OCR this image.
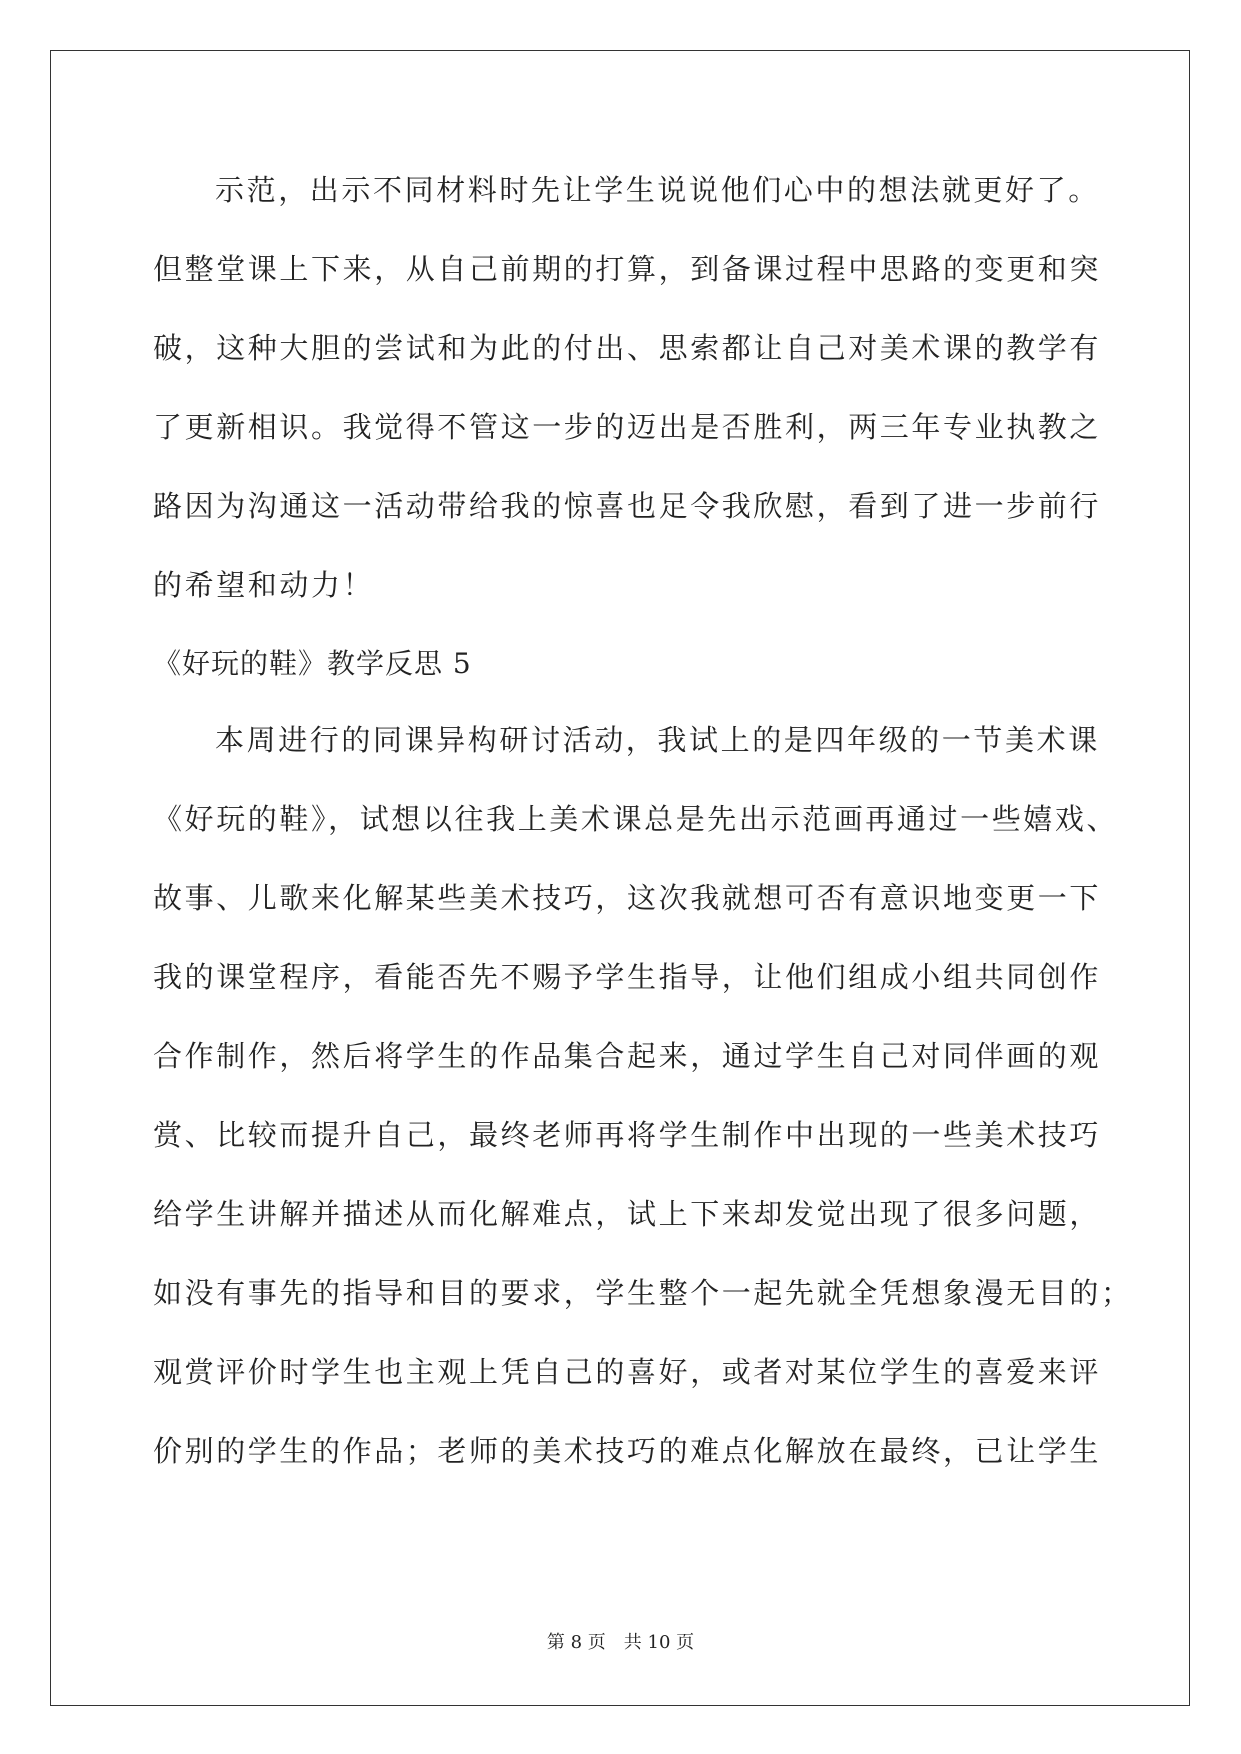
示范，出示不同材料时先让学生说说他们心中的想法就更好了。
但整堂课上下来，从自己前期的打算，到备课过程中思路的变更和突
破，这种大胆的尝试和为此的付出、思索都让自己对美术课的教学有
了更新相识。我觉得不管这一步的迈出是否胜利，两三年专业执教之
路因为沟通这一活动带给我的惊喜也足令我欣慰，看到了进一步前行
的希望和动力！
《好玩的鞋》教学反思 5
本周进行的同课异构研讨活动，我试上的是四年级的一节美术课
《好玩的鞋》，试想以往我上美术课总是先出示范画再通过一些嬉戏、
故事、儿歌来化解某些美术技巧，这次我就想可否有意识地变更一下
我的课堂程序，看能否先不赐予学生指导，让他们组成小组共同创作
合作制作，然后将学生的作品集合起来，通过学生自己对同伴画的观
赏、比较而提升自己，最终老师再将学生制作中出现的一些美术技巧
给学生讲解并描述从而化解难点，试上下来却发觉出现了很多问题，
如没有事先的指导和目的要求，学生整个一起先就全凭想象漫无目的；
观赏评价时学生也主观上凭自己的喜好，或者对某位学生的喜爱来评
价别的学生的作品；老师的美术技巧的难点化解放在最终，已让学生
第 8 页　共 10 页
